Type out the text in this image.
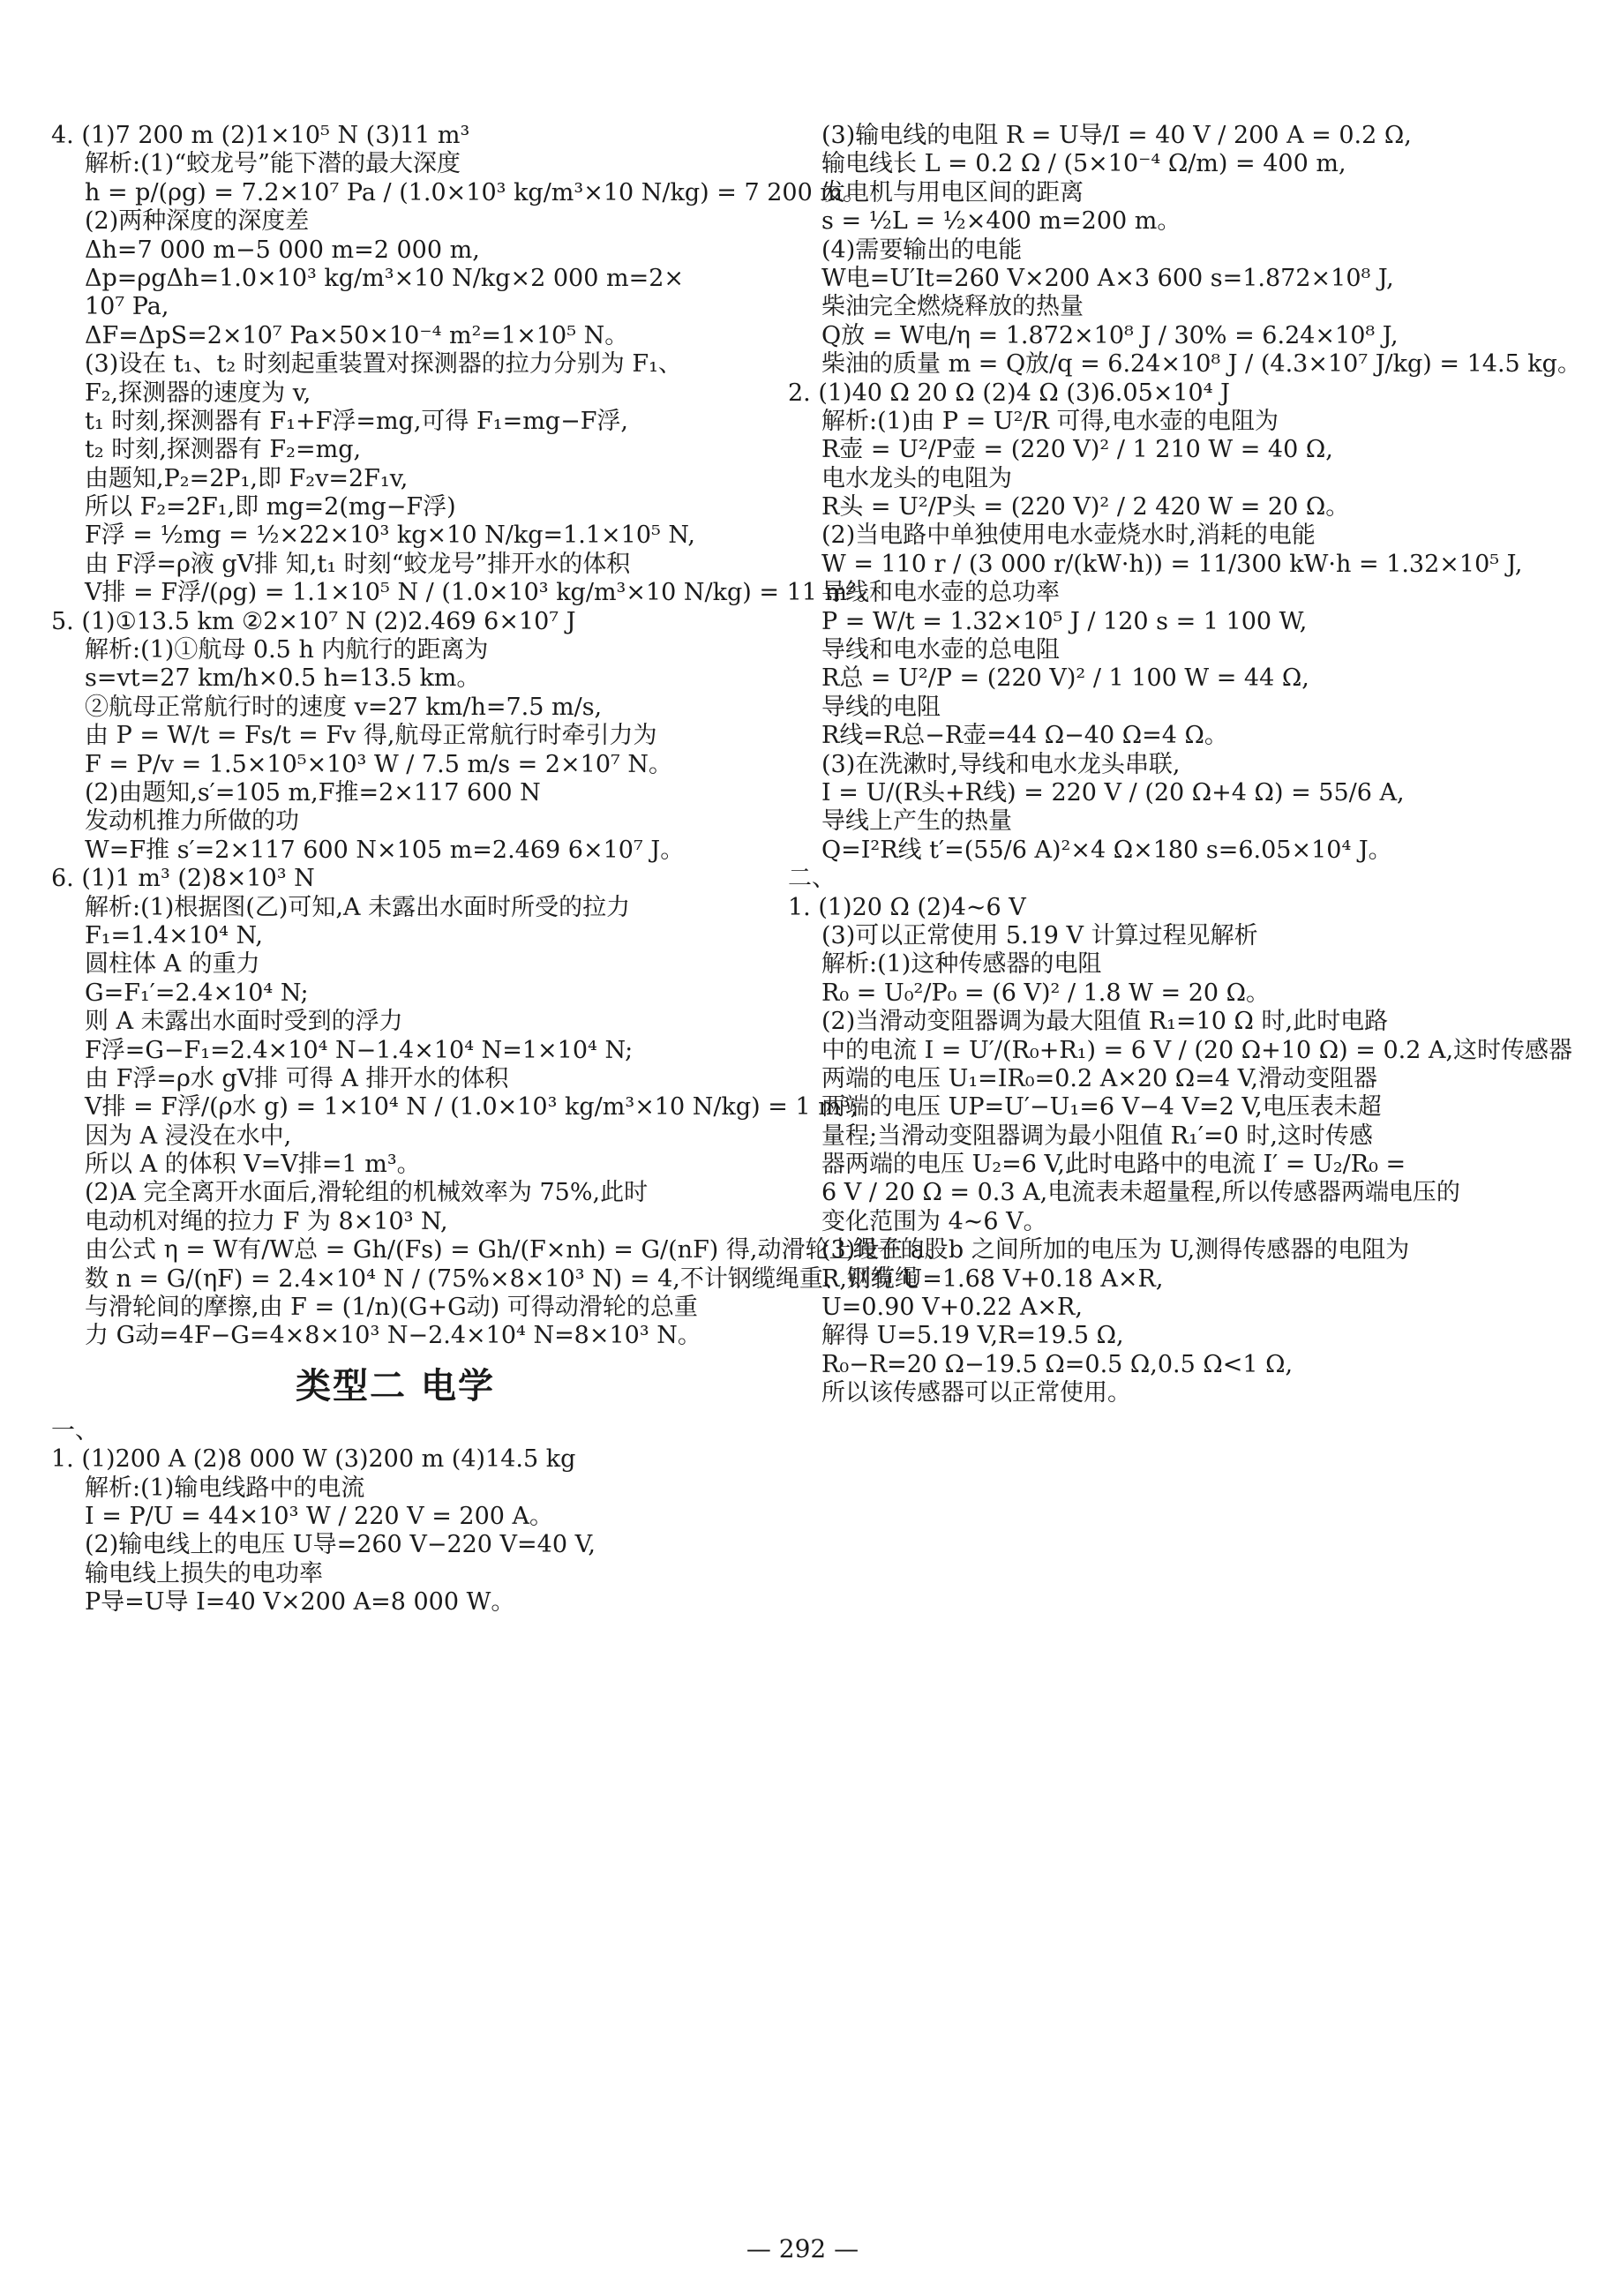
4. (1)7 200 m (2)1×10⁵ N (3)11 m³
解析:(1)“蛟龙号”能下潜的最大深度
h = p/(ρg) = 7.2×10⁷ Pa / (1.0×10³ kg/m³×10 N/kg) = 7 200 m。
(2)两种深度的深度差
Δh=7 000 m−5 000 m=2 000 m,
Δp=ρgΔh=1.0×10³ kg/m³×10 N/kg×2 000 m=2×
10⁷ Pa,
ΔF=ΔpS=2×10⁷ Pa×50×10⁻⁴ m²=1×10⁵ N。
(3)设在 t₁、t₂ 时刻起重装置对探测器的拉力分别为 F₁、
F₂,探测器的速度为 v,
t₁ 时刻,探测器有 F₁+F浮=mg,可得 F₁=mg−F浮,
t₂ 时刻,探测器有 F₂=mg,
由题知,P₂=2P₁,即 F₂v=2F₁v,
所以 F₂=2F₁,即 mg=2(mg−F浮)
F浮 = ½mg = ½×22×10³ kg×10 N/kg=1.1×10⁵ N,
由 F浮=ρ液 gV排 知,t₁ 时刻“蛟龙号”排开水的体积
V排 = F浮/(ρg) = 1.1×10⁵ N / (1.0×10³ kg/m³×10 N/kg) = 11 m³。
5. (1)①13.5 km ②2×10⁷ N (2)2.469 6×10⁷ J
解析:(1)①航母 0.5 h 内航行的距离为
s=vt=27 km/h×0.5 h=13.5 km。
②航母正常航行时的速度 v=27 km/h=7.5 m/s,
由 P = W/t = Fs/t = Fv 得,航母正常航行时牵引力为
F = P/v = 1.5×10⁵×10³ W / 7.5 m/s = 2×10⁷ N。
(2)由题知,s′=105 m,F推=2×117 600 N
发动机推力所做的功
W=F推 s′=2×117 600 N×105 m=2.469 6×10⁷ J。
6. (1)1 m³ (2)8×10³ N
解析:(1)根据图(乙)可知,A 未露出水面时所受的拉力
F₁=1.4×10⁴ N,
圆柱体 A 的重力
G=F₁′=2.4×10⁴ N;
则 A 未露出水面时受到的浮力
F浮=G−F₁=2.4×10⁴ N−1.4×10⁴ N=1×10⁴ N;
由 F浮=ρ水 gV排 可得 A 排开水的体积
V排 = F浮/(ρ水 g) = 1×10⁴ N / (1.0×10³ kg/m³×10 N/kg) = 1 m³;
因为 A 浸没在水中,
所以 A 的体积 V=V排=1 m³。
(2)A 完全离开水面后,滑轮组的机械效率为 75%,此时
电动机对绳的拉力 F 为 8×10³ N,
由公式 η = W有/W总 = Gh/(Fs) = Gh/(F×nh) = G/(nF) 得,动滑轮上绳子的股
数 n = G/(ηF) = 2.4×10⁴ N / (75%×8×10³ N) = 4,不计钢缆绳重、钢缆绳
与滑轮间的摩擦,由 F = (1/n)(G+G动) 可得动滑轮的总重
力 G动=4F−G=4×8×10³ N−2.4×10⁴ N=8×10³ N。
类型二 电学
一、
1. (1)200 A (2)8 000 W (3)200 m (4)14.5 kg
解析:(1)输电线路中的电流
I = P/U = 44×10³ W / 220 V = 200 A。
(2)输电线上的电压 U导=260 V−220 V=40 V,
输电线上损失的电功率
P导=U导 I=40 V×200 A=8 000 W。
(3)输电线的电阻 R = U导/I = 40 V / 200 A = 0.2 Ω,
输电线长 L = 0.2 Ω / (5×10⁻⁴ Ω/m) = 400 m,
发电机与用电区间的距离
s = ½L = ½×400 m=200 m。
(4)需要输出的电能
W电=U′It=260 V×200 A×3 600 s=1.872×10⁸ J,
柴油完全燃烧释放的热量
Q放 = W电/η = 1.872×10⁸ J / 30% = 6.24×10⁸ J,
柴油的质量 m = Q放/q = 6.24×10⁸ J / (4.3×10⁷ J/kg) = 14.5 kg。
2. (1)40 Ω 20 Ω (2)4 Ω (3)6.05×10⁴ J
解析:(1)由 P = U²/R 可得,电水壶的电阻为
R壶 = U²/P壶 = (220 V)² / 1 210 W = 40 Ω,
电水龙头的电阻为
R头 = U²/P头 = (220 V)² / 2 420 W = 20 Ω。
(2)当电路中单独使用电水壶烧水时,消耗的电能
W = 110 r / (3 000 r/(kW·h)) = 11/300 kW·h = 1.32×10⁵ J,
导线和电水壶的总功率
P = W/t = 1.32×10⁵ J / 120 s = 1 100 W,
导线和电水壶的总电阻
R总 = U²/P = (220 V)² / 1 100 W = 44 Ω,
导线的电阻
R线=R总−R壶=44 Ω−40 Ω=4 Ω。
(3)在洗漱时,导线和电水龙头串联,
I = U/(R头+R线) = 220 V / (20 Ω+4 Ω) = 55/6 A,
导线上产生的热量
Q=I²R线 t′=(55/6 A)²×4 Ω×180 s=6.05×10⁴ J。
二、
1. (1)20 Ω (2)4∼6 V
(3)可以正常使用 5.19 V 计算过程见解析
解析:(1)这种传感器的电阻
R₀ = U₀²/P₀ = (6 V)² / 1.8 W = 20 Ω。
(2)当滑动变阻器调为最大阻值 R₁=10 Ω 时,此时电路
中的电流 I = U′/(R₀+R₁) = 6 V / (20 Ω+10 Ω) = 0.2 A,这时传感器
两端的电压 U₁=IR₀=0.2 A×20 Ω=4 V,滑动变阻器
两端的电压 UP=U′−U₁=6 V−4 V=2 V,电压表未超
量程;当滑动变阻器调为最小阻值 R₁′=0 时,这时传感
器两端的电压 U₂=6 V,此时电路中的电流 I′ = U₂/R₀ =
6 V / 20 Ω = 0.3 A,电流表未超量程,所以传感器两端电压的
变化范围为 4∼6 V。
(3)设在 a、b 之间所加的电压为 U,测得传感器的电阻为
R,则有 U=1.68 V+0.18 A×R,
U=0.90 V+0.22 A×R,
解得 U=5.19 V,R=19.5 Ω,
R₀−R=20 Ω−19.5 Ω=0.5 Ω,0.5 Ω<1 Ω,
所以该传感器可以正常使用。
— 292 —
